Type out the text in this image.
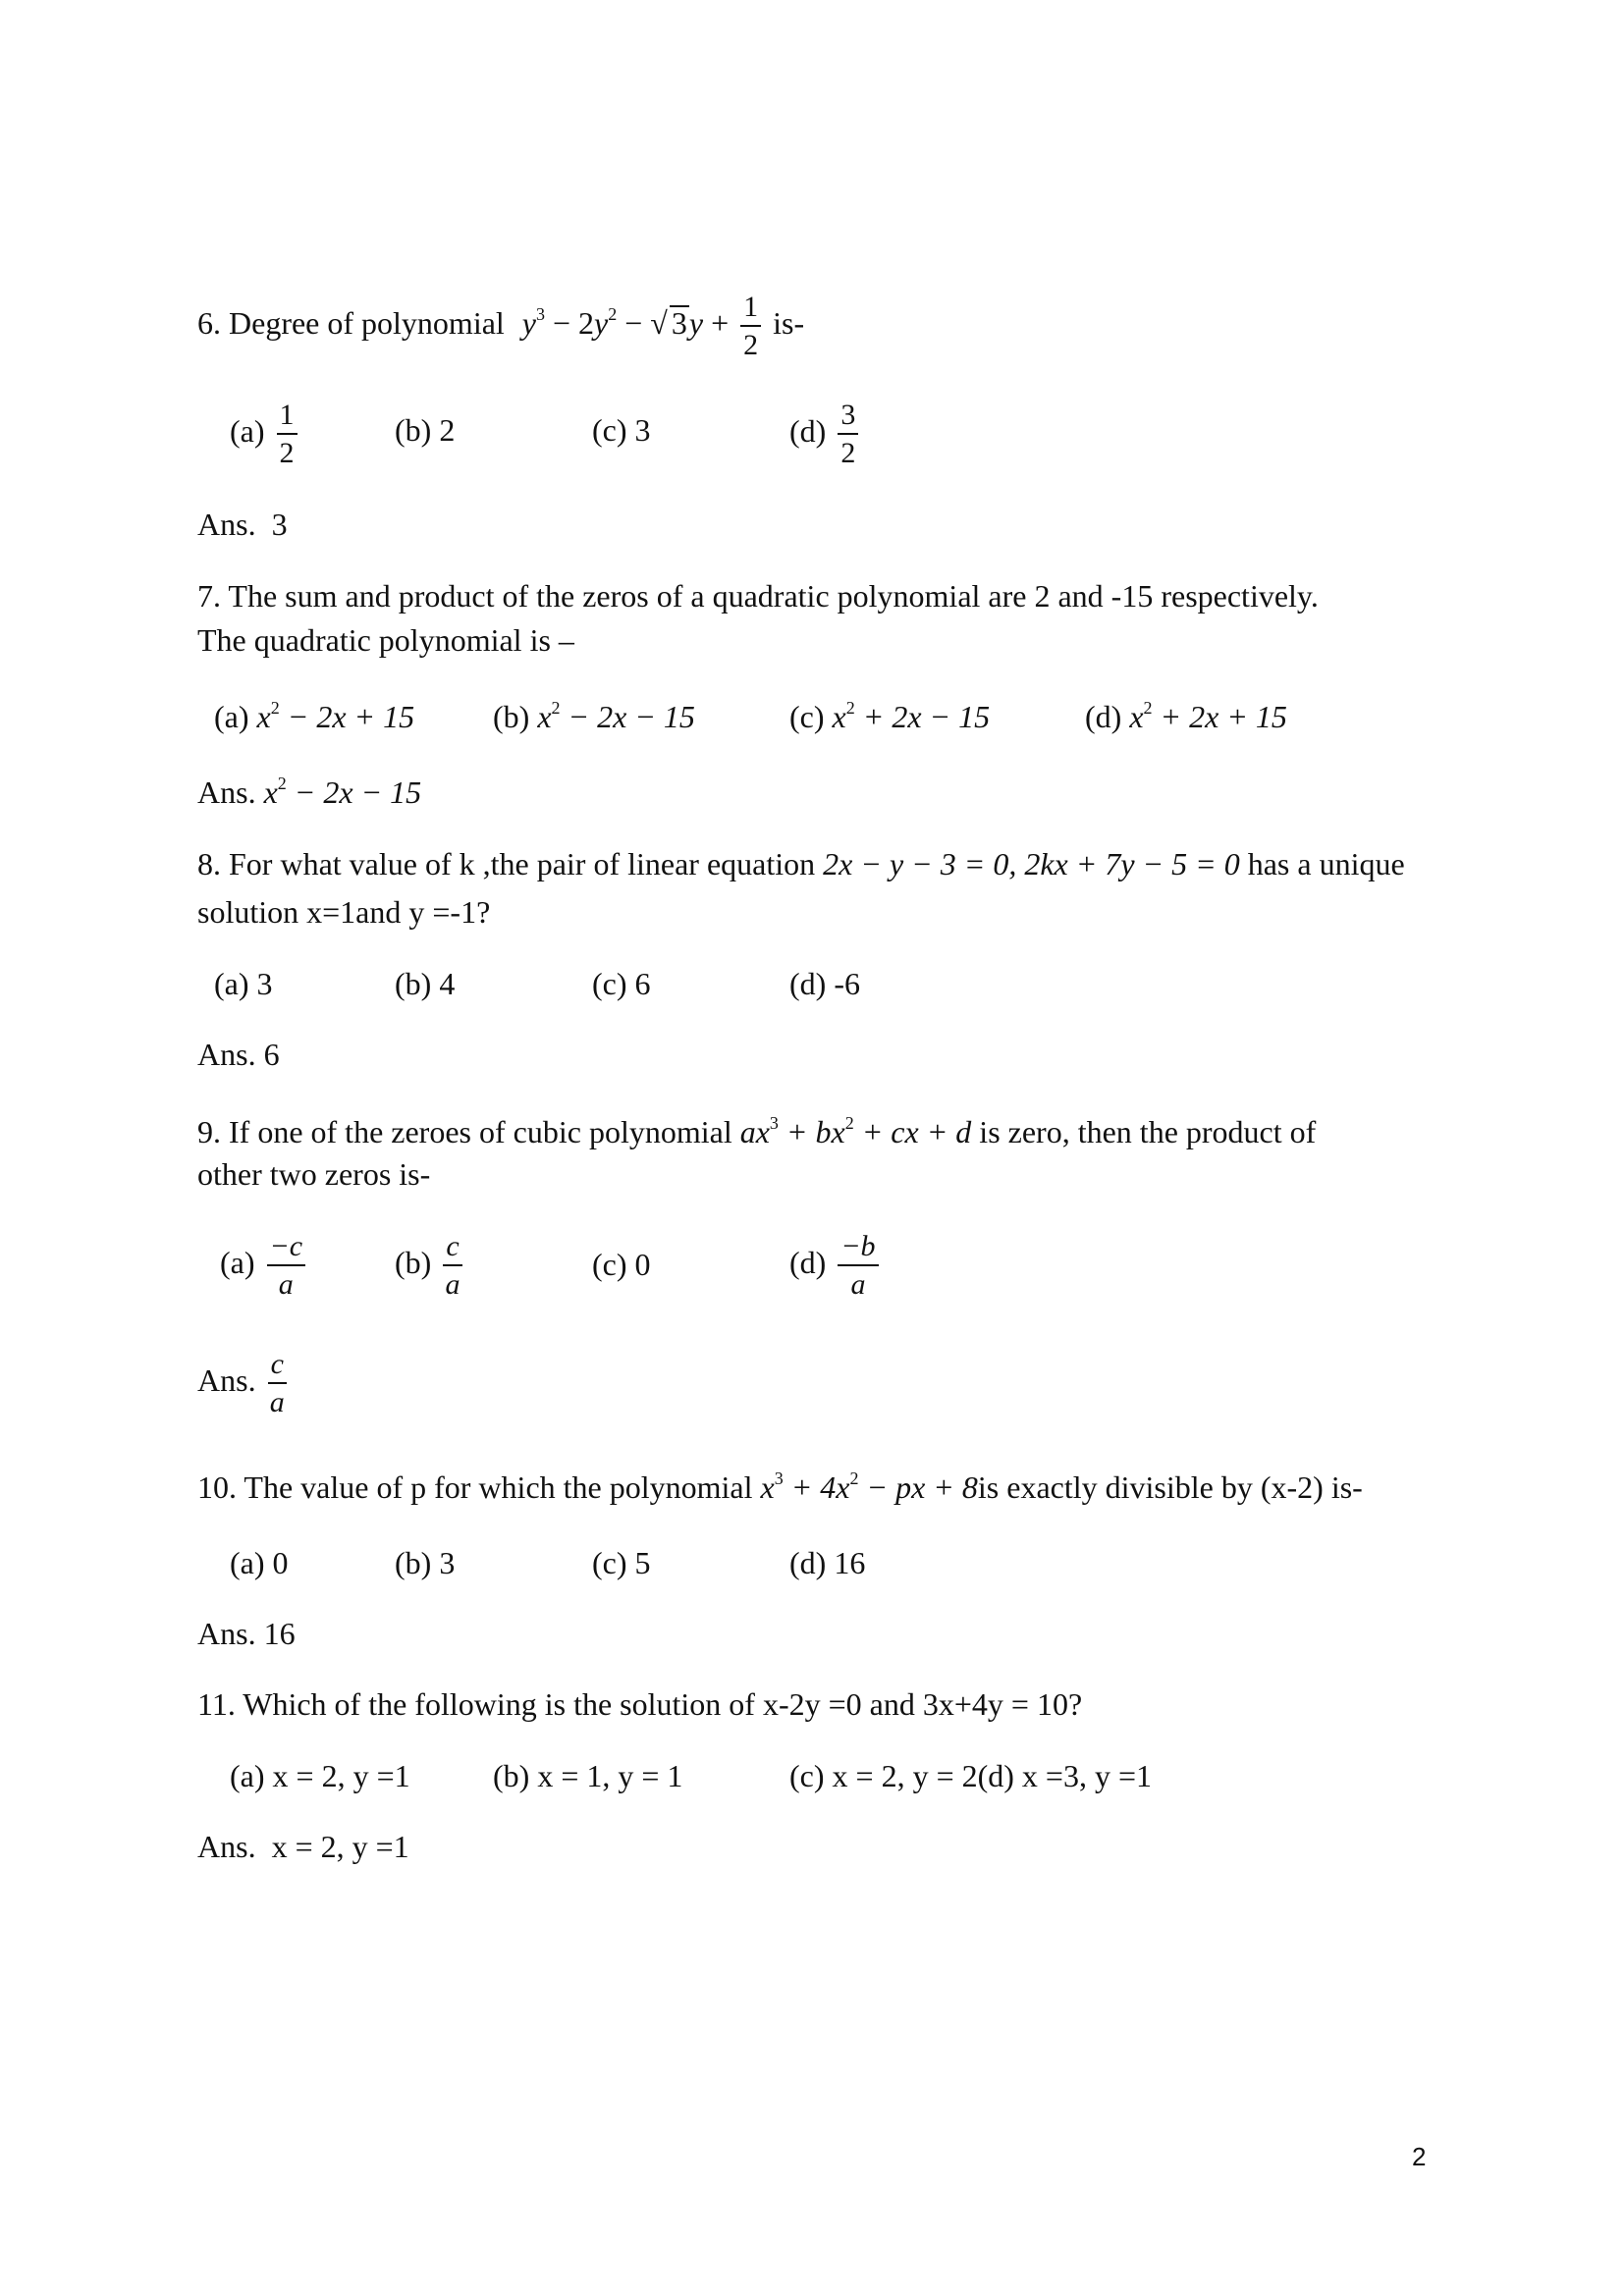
6. Degree of polynomial $y^3 - 2y^2$ − √ $3y + \frac{1}{2} is-$
$(a) \frac{1}{2}$	(b) 2	(c) 3	$(d) \frac{3}{2}$
Ans. 3
7. The sum and product of the zeros of a quadratic polynomial are 2 and -15 respectively.
The quadratic polynomial is –
(a) $x^2 - 2x + 15$ (b) $x^2 - 2x - 15$	(c) $x^2 + 2x - 15$	(d) $x^2 + 2x + 15$
Ans. $x^2 - 2x - 15$
8. For what value of k ,the pair of linear equation 2x − y − 3 = 0, 2kx + 7y − 5 = 0 has a unique
solution x=1and y =-1?
(a) 3	(b) 4	(c) 6	(d) -6
Ans. 6
9. If one of the zeroes of cubic polynomial $ax^3 + bx^2$ + cx + d is zero, then the product of
other two zeros is-
$(a) \frac{-c}{a}$	$(b) \frac{c}{a}$	(c) 0	$(d) \frac{-b}{a}$
Ans. $\frac{c}{a}$
10. The value of p for which the polynomial $x^3 + 4x^2$ − px + 8is exactly divisible by (x-2) is-
(a) 0	(b) 3	(c) 5	(d) 16
Ans. 16
11. Which of the following is the solution of x-2y =0 and 3x+4y = 10?
(a) x = 2, y =1	(b) x = 1, y = 1	(c) x = 2, y = 2(d) x =3, y =1
Ans. x = 2, y =1
2
